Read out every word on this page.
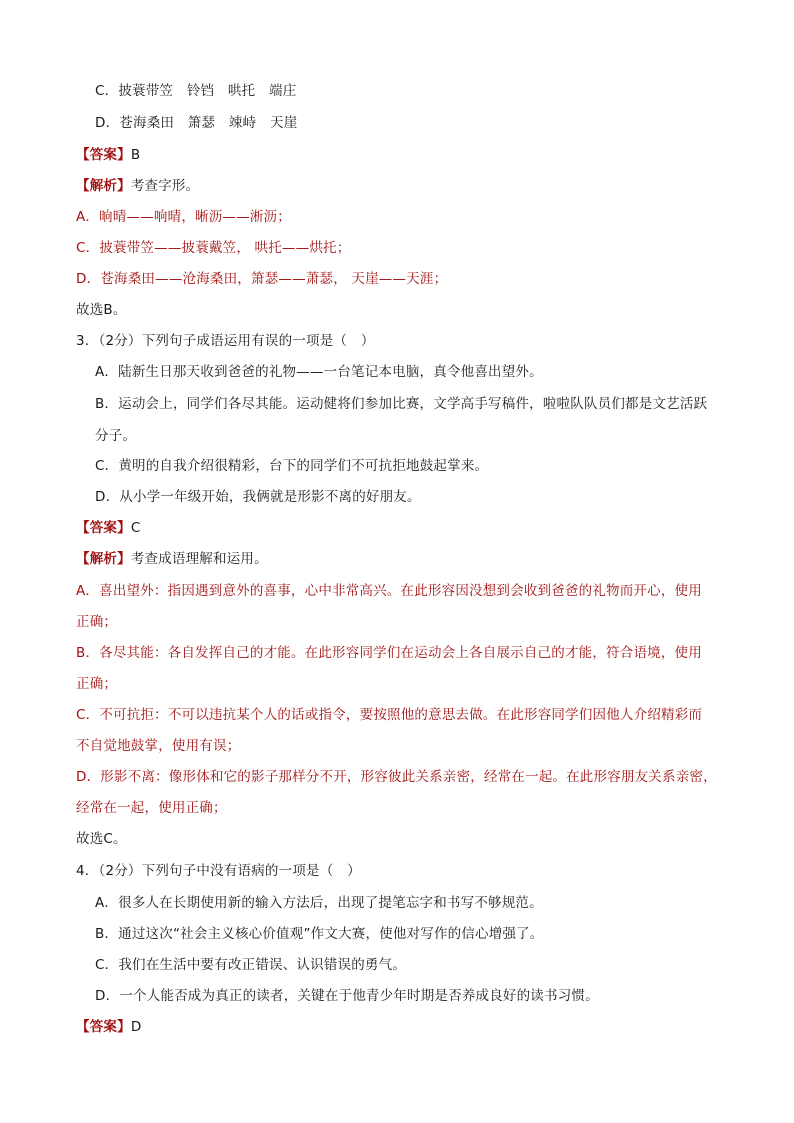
C．披蓑带笠　铃铛　哄托　端庄
D．苍海桑田　箫瑟　竦峙　天崖
【答案】B
【解析】考查字形。
A．晌晴——响晴，晰沥——淅沥；
C．披蓑带笠——披蓑戴笠， 哄托——烘托；
D．苍海桑田——沧海桑田，箫瑟——萧瑟， 天崖——天涯；
故选B。
3．（2分）下列句子成语运用有误的一项是（　）
A．陆新生日那天收到爸爸的礼物——一台笔记本电脑，真令他喜出望外。
B．运动会上，同学们各尽其能。运动健将们参加比赛，文学高手写稿件，啦啦队队员们都是文艺活跃
分子。
C．黄明的自我介绍很精彩，台下的同学们不可抗拒地鼓起掌来。
D．从小学一年级开始，我俩就是形影不离的好朋友。
【答案】C
【解析】考查成语理解和运用。
A．喜出望外：指因遇到意外的喜事，心中非常高兴。在此形容因没想到会收到爸爸的礼物而开心，使用
正确；
B．各尽其能：各自发挥自己的才能。在此形容同学们在运动会上各自展示自己的才能，符合语境，使用
正确；
C．不可抗拒：不可以违抗某个人的话或指令，要按照他的意思去做。在此形容同学们因他人介绍精彩而
不自觉地鼓掌，使用有误；
D．形影不离：像形体和它的影子那样分不开，形容彼此关系亲密，经常在一起。在此形容朋友关系亲密，
经常在一起，使用正确；
故选C。
4．（2分）下列句子中没有语病的一项是（　）
A．很多人在长期使用新的输入方法后，出现了提笔忘字和书写不够规范。
B．通过这次“社会主义核心价值观”作文大赛，使他对写作的信心增强了。
C．我们在生活中要有改正错误、认识错误的勇气。
D．一个人能否成为真正的读者，关键在于他青少年时期是否养成良好的读书习惯。
【答案】D
